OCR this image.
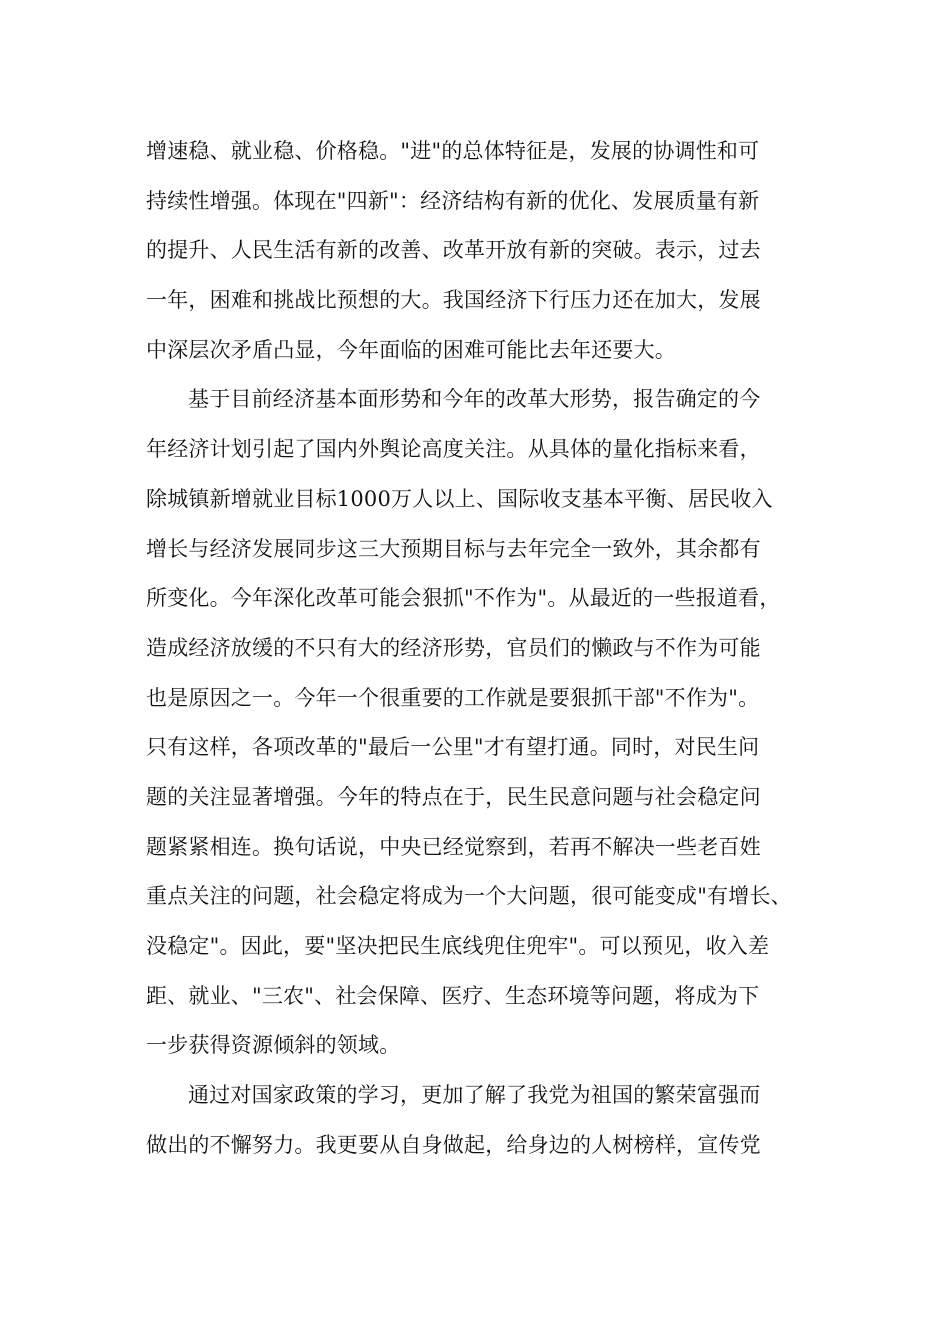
增速稳、就业稳、价格稳。"进"的总体特征是，发展的协调性和可
持续性增强。体现在"四新"：经济结构有新的优化、发展质量有新
的提升、人民生活有新的改善、改革开放有新的突破。表示，过去
一年，困难和挑战比预想的大。我国经济下行压力还在加大，发展
中深层次矛盾凸显，今年面临的困难可能比去年还要大。
基于目前经济基本面形势和今年的改革大形势，报告确定的今
年经济计划引起了国内外舆论高度关注。从具体的量化指标来看，
除城镇新增就业目标1000万人以上、国际收支基本平衡、居民收入
增长与经济发展同步这三大预期目标与去年完全一致外，其余都有
所变化。今年深化改革可能会狠抓"不作为"。从最近的一些报道看，
造成经济放缓的不只有大的经济形势，官员们的懒政与不作为可能
也是原因之一。今年一个很重要的工作就是要狠抓干部"不作为"。
只有这样，各项改革的"最后一公里"才有望打通。同时，对民生问
题的关注显著增强。今年的特点在于，民生民意问题与社会稳定问
题紧紧相连。换句话说，中央已经觉察到，若再不解决一些老百姓
重点关注的问题，社会稳定将成为一个大问题，很可能变成"有增长、
没稳定"。因此，要"坚决把民生底线兜住兜牢"。可以预见，收入差
距、就业、"三农"、社会保障、医疗、生态环境等问题，将成为下
一步获得资源倾斜的领域。
通过对国家政策的学习，更加了解了我党为祖国的繁荣富强而
做出的不懈努力。我更要从自身做起，给身边的人树榜样，宣传党
